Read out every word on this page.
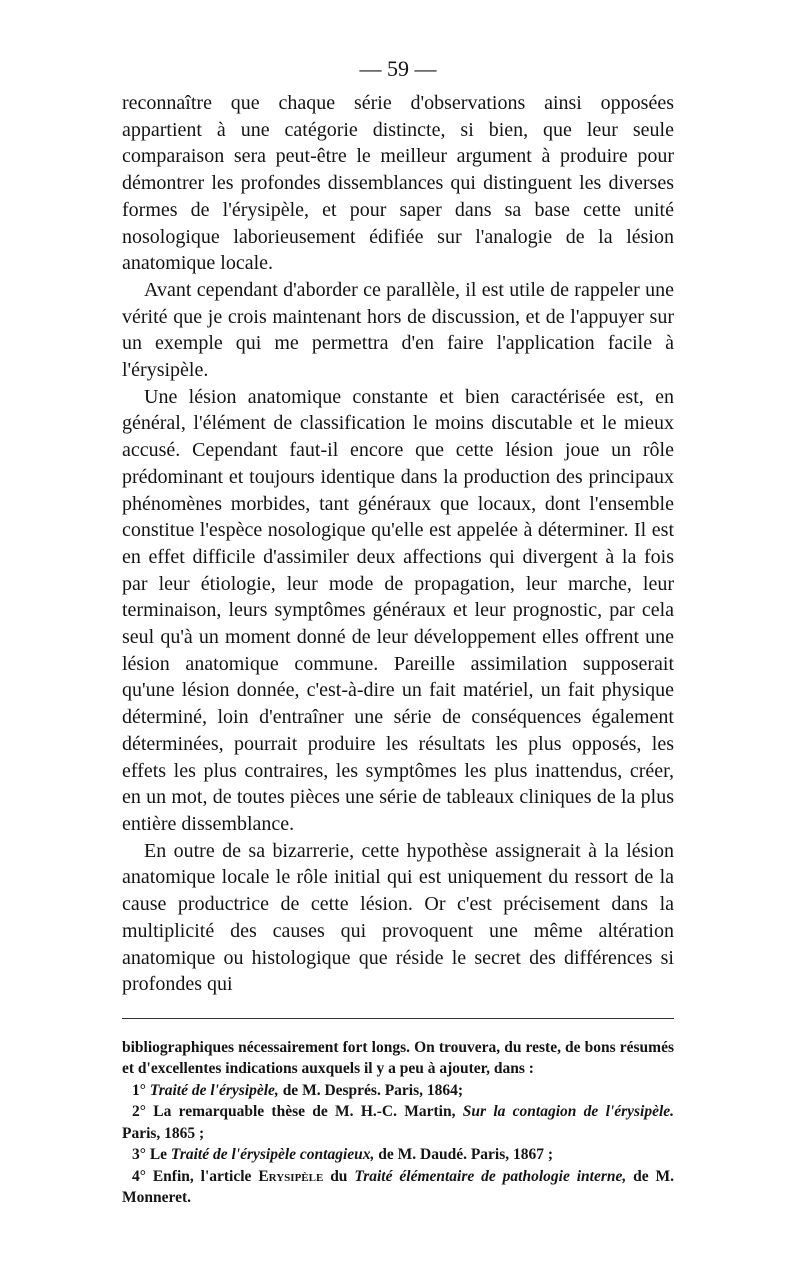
— 59 —

reconnaître que chaque série d'observations ainsi opposées appartient à une catégorie distincte, si bien, que leur seule comparaison sera peut-être le meilleur argument à produire pour démontrer les profondes dissemblances qui distinguent les diverses formes de l'érysipèle, et pour saper dans sa base cette unité nosologique laborieusement édifiée sur l'analogie de la lésion anatomique locale.

Avant cependant d'aborder ce parallèle, il est utile de rappeler une vérité que je crois maintenant hors de discussion, et de l'appuyer sur un exemple qui me permettra d'en faire l'application facile à l'érysipèle.

Une lésion anatomique constante et bien caractérisée est, en général, l'élément de classification le moins discutable et le mieux accusé. Cependant faut-il encore que cette lésion joue un rôle prédominant et toujours identique dans la production des principaux phénomènes morbides, tant généraux que locaux, dont l'ensemble constitue l'espèce nosologique qu'elle est appelée à déterminer. Il est en effet difficile d'assimiler deux affections qui divergent à la fois par leur étiologie, leur mode de propagation, leur marche, leur terminaison, leurs symptômes généraux et leur prognostic, par cela seul qu'à un moment donné de leur développement elles offrent une lésion anatomique commune. Pareille assimilation supposerait qu'une lésion donnée, c'est-à-dire un fait matériel, un fait physique déterminé, loin d'entraîner une série de conséquences également déterminées, pourrait produire les résultats les plus opposés, les effets les plus contraires, les symptômes les plus inattendus, créer, en un mot, de toutes pièces une série de tableaux cliniques de la plus entière dissemblance.

En outre de sa bizarrerie, cette hypothèse assignerait à la lésion anatomique locale le rôle initial qui est uniquement du ressort de la cause productrice de cette lésion. Or c'est précisement dans la multiplicité des causes qui provoquent une même altération anatomique ou histologique que réside le secret des différences si profondes qui

bibliographiques nécessairement fort longs. On trouvera, du reste, de bons résumés et d'excellentes indications auxquels il y a peu à ajouter, dans :

1° Traité de l'érysipèle, de M. Després. Paris, 1864;

2° La remarquable thèse de M. H.-C. Martin, Sur la contagion de l'érysipèle. Paris, 1865 ;

3° Le Traité de l'érysipèle contagieux, de M. Daudé. Paris, 1867 ;

4° Enfin, l'article Erysipèle du Traité élémentaire de pathologie interne, de M. Monneret.
